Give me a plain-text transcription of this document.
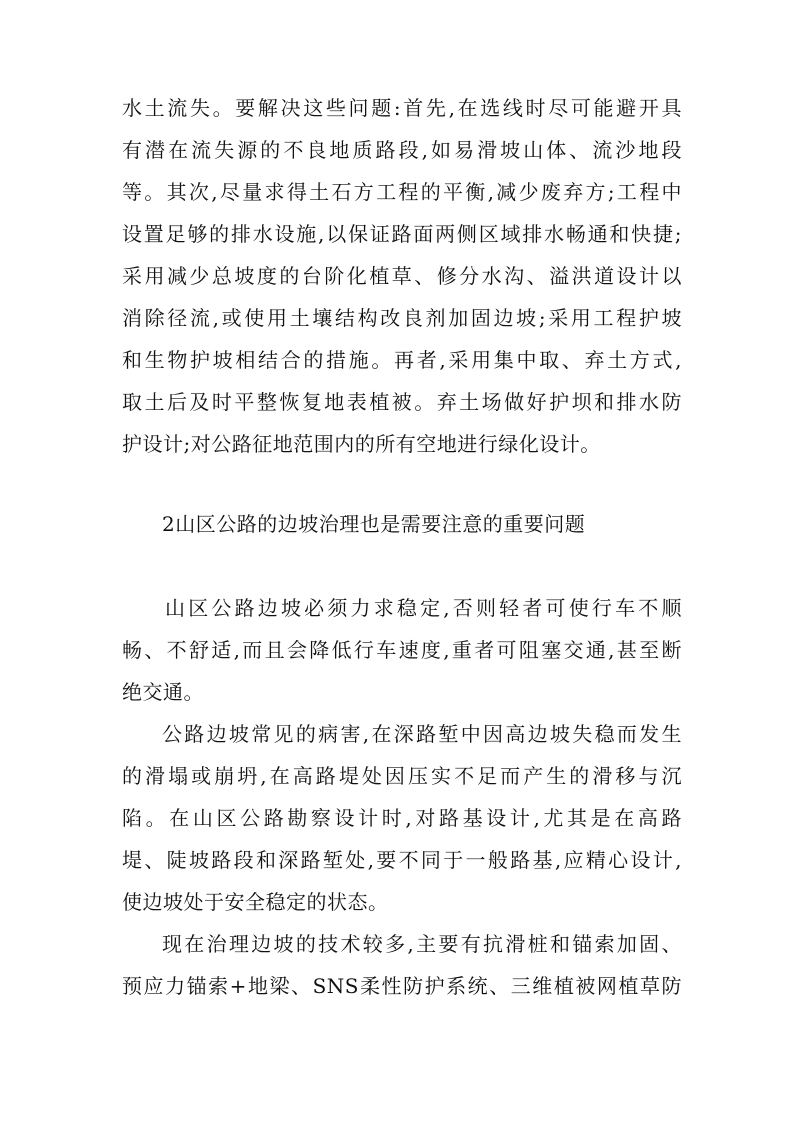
水土流失。要解决这些问题:首先,在选线时尽可能避开具
有潜在流失源的不良地质路段,如易滑坡山体、流沙地段
等。其次,尽量求得土石方工程的平衡,减少废弃方;工程中
设置足够的排水设施,以保证路面两侧区域排水畅通和快捷;
采用减少总坡度的台阶化植草、修分水沟、溢洪道设计以
消除径流,或使用土壤结构改良剂加固边坡;采用工程护坡
和生物护坡相结合的措施。再者,采用集中取、弃土方式,
取土后及时平整恢复地表植被。弃土场做好护坝和排水防
护设计;对公路征地范围内的所有空地进行绿化设计。
2山区公路的边坡治理也是需要注意的重要问题
山区公路边坡必须力求稳定,否则轻者可使行车不顺
畅、不舒适,而且会降低行车速度,重者可阻塞交通,甚至断
绝交通。
公路边坡常见的病害,在深路堑中因高边坡失稳而发生
的滑塌或崩坍,在高路堤处因压实不足而产生的滑移与沉
陷。在山区公路勘察设计时,对路基设计,尤其是在高路
堤、陡坡路段和深路堑处,要不同于一般路基,应精心设计,
使边坡处于安全稳定的状态。
现在治理边坡的技术较多,主要有抗滑桩和锚索加固、
预应力锚索+地梁、SNS柔性防护系统、三维植被网植草防
